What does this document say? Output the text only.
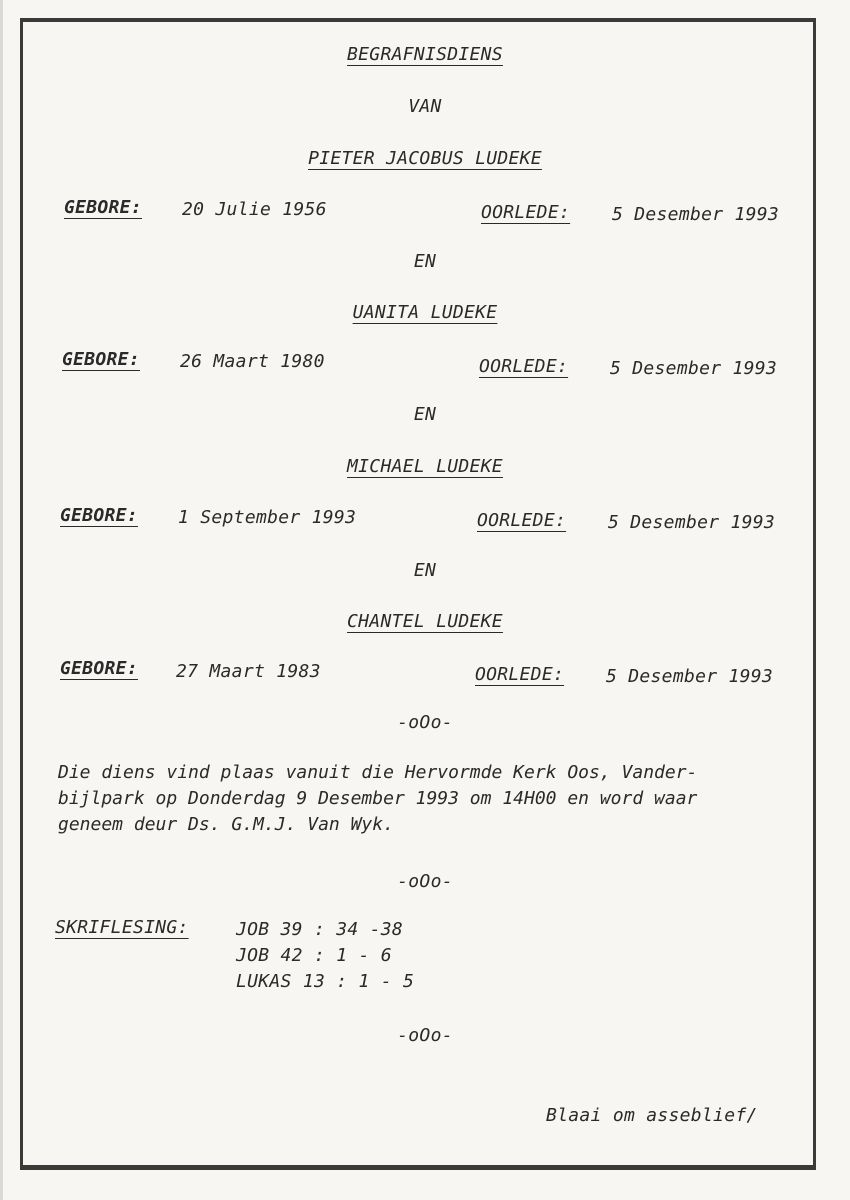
BEGRAFNISDIENS
VAN
PIETER JACOBUS LUDEKE
GEBORE: 20 Julie 1956	OORLEDE: 5 Desember 1993
EN
UANITA LUDEKE
GEBORE: 26 Maart 1980	OORLEDE: 5 Desember 1993
EN
MICHAEL LUDEKE
GEBORE: 1 September 1993	OORLEDE: 5 Desember 1993
EN
CHANTEL LUDEKE
GEBORE: 27 Maart 1983	OORLEDE: 5 Desember 1993
-oOo-
Die diens vind plaas vanuit die Hervormde Kerk Oos, Vander-
bijlpark op Donderdag 9 Desember 1993 om 14H00 en word waar
geneem deur Ds. G.M.J. Van Wyk.
-oOo-
SKRIFLESING:	JOB 39 : 34 -38
JOB 42 : 1 - 6
LUKAS 13 : 1 - 5
-oOo-
Blaai om asseblief/
